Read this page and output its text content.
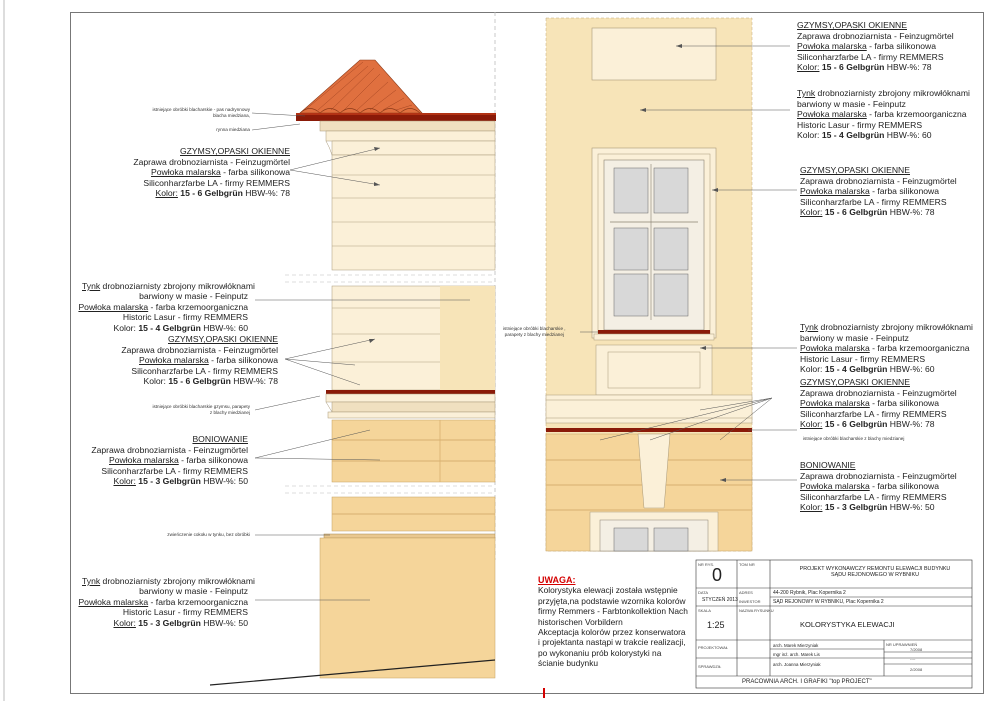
istniejące obróbki blacharskie - pas nadrynnowy
blacha miedziana,
rynna miedziana
GZYMSY,OPASKI OKIENNE
Zaprawa drobnoziarnista - Feinzugmörtel
Powłoka malarska - farba silikonowa
Siliconharzfarbe LA - firmy REMMERS
Kolor: 15 - 6 Gelbgrün HBW-%: 78
Tynk drobnoziarnisty zbrojony mikrowłóknami
barwiony w masie - Feinputz
Powłoka malarska - farba krzemoorganiczna
Historic Lasur - firmy REMMERS
Kolor: 15 - 4 Gelbgrün HBW-%: 60
GZYMSY,OPASKI OKIENNE
Zaprawa drobnoziarnista - Feinzugmörtel
Powłoka malarska - farba silikonowa
Siliconharzfarbe LA - firmy REMMERS
Kolor: 15 - 6 Gelbgrün HBW-%: 78
istniejące obróbki blacharskie gzymsu, parapety
z blachy miedzianej
BONIOWANIE
Zaprawa drobnoziarnista - Feinzugmörtel
Powłoka malarska - farba silikonowa
Siliconharzfarbe LA - firmy REMMERS
Kolor: 15 - 3 Gelbgrün HBW-%: 50
zwieńczenie cokołu w tynku, bez obróbki
Tynk drobnoziarnisty zbrojony mikrowłóknami
barwiony w masie - Feinputz
Powłoka malarska - farba krzemoorganiczna
Historic Lasur - firmy REMMERS
Kolor: 15 - 3 Gelbgrün HBW-%: 50
GZYMSY,OPASKI OKIENNE
Zaprawa drobnoziarnista - Feinzugmörtel
Powłoka malarska - farba silikonowa
Siliconharzfarbe LA - firmy REMMERS
Kolor: 15 - 6 Gelbgrün HBW-%: 78
Tynk drobnoziarnisty zbrojony mikrowłóknami
barwiony w masie - Feinputz
Powłoka malarska - farba krzemoorganiczna
Historic Lasur - firmy REMMERS
Kolor: 15 - 4 Gelbgrün HBW-%: 60
GZYMSY,OPASKI OKIENNE
Zaprawa drobnoziarnista - Feinzugmörtel
Powłoka malarska - farba silikonowa
Siliconharzfarbe LA - firmy REMMERS
Kolor: 15 - 6 Gelbgrün HBW-%: 78
istniejące obróbki blacharskie ,
parapety z blachy miedzianej
Tynk drobnoziarnisty zbrojony mikrowłóknami
barwiony w masie - Feinputz
Powłoka malarska - farba krzemoorganiczna
Historic Lasur - firmy REMMERS
Kolor: 15 - 4 Gelbgrün HBW-%: 60
GZYMSY,OPASKI OKIENNE
Zaprawa drobnoziarnista - Feinzugmörtel
Powłoka malarska - farba silikonowa
Siliconharzfarbe LA - firmy REMMERS
Kolor: 15 - 6 Gelbgrün HBW-%: 78
istniejące obróbki blacharskie z blachy miedzianej
BONIOWANIE
Zaprawa drobnoziarnista - Feinzugmörtel
Powłoka malarska - farba silikonowa
Siliconharzfarbe LA - firmy REMMERS
Kolor: 15 - 3 Gelbgrün HBW-%: 50
UWAGA:
Kolorystyka elewacji została wstępnie
przyjęta,na podstawie wzornika kolorów
firmy Remmers - Farbtonkollektion Nach
historischen Vorbildern
Akceptacja kolorów przez konserwatora
i projektanta nastąpi w trakcie realizacji,
po wykonaniu prób kolorystyki na
ścianie budynku
NR RYS.
0
TOM NR
PROJEKT WYKONAWCZY REMONTU ELEWACJI BUDYNKU
SĄDU REJONOWEGO W RYBNIKU
DATA
STYCZEŃ 2013
ADRES	44-200 Rybnik, Plac Kopernika 2
INWESTOR	SĄD REJONOWY W RYBNIKU, Plac Kopernika 2
SKALA
1:25
NAZWA RYSUNKU
KOLORYSTYKA ELEWACJI
PROJEKTOWAŁ	arch. Marek Mierzyniak
mgr inż. arch. Marek Lis
NR UPRAWNIEŃ
7/2008
----
SPRAWDZIŁ	arch. Joanna Mierzyniak
2/2008
PRACOWNIA ARCH. I GRAFIKI "top PROJECT"
